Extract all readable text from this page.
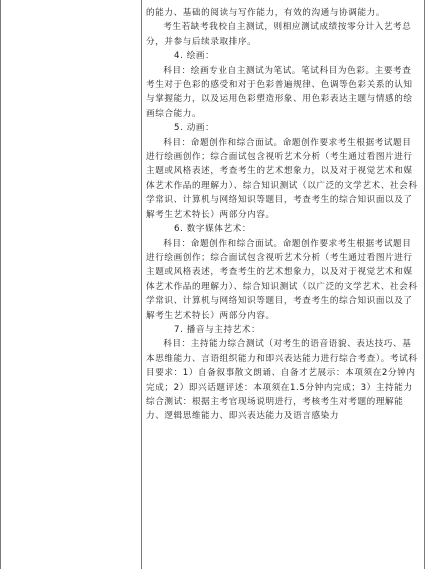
的能力、基础的阅读与写作能力，有效的沟通与协调能力。

考生若缺考我校自主测试，则相应测试成绩按零分计入艺考总分，并参与后续录取排序。

4. 绘画：

科目：绘画专业自主测试为笔试。笔试科目为色彩。主要考查考生对于色彩的感受和对于色彩普遍规律、色调等色彩关系的认知与掌握能力，以及运用色彩塑造形象、用色彩表达主题与情感的绘画综合能力。

5. 动画：

科目：命题创作和综合面试。命题创作要求考生根据考试题目进行绘画创作；综合面试包含视听艺术分析（考生通过看图片进行主题或风格表述，考查考生的艺术想象力，以及对于视觉艺术和媒体艺术作品的理解力）、综合知识测试（以广泛的文学艺术、社会科学常识、计算机与网络知识等题目，考查考生的综合知识面以及了解考生艺术特长）两部分内容。

6. 数字媒体艺术：

科目：命题创作和综合面试。命题创作要求考生根据考试题目进行绘画创作；综合面试包含视听艺术分析（考生通过看图片进行主题或风格表述，考查考生的艺术想象力，以及对于视觉艺术和媒体艺术作品的理解力）、综合知识测试（以广泛的文学艺术、社会科学常识、计算机与网络知识等题目，考查考生的综合知识面以及了解考生艺术特长）两部分内容。

7. 播音与主持艺术：

科目：主持能力综合测试（对考生的语音语貌、表达技巧、基本思维能力、言语组织能力和即兴表达能力进行综合考查）。考试科目要求：1）自备叙事散文朗诵、自备才艺展示：本项须在2分钟内完成；2）即兴话题评述：本项须在1.5分钟内完成；3）主持能力综合测试：根据主考官现场说明进行，考核考生对考题的理解能力、逻辑思维能力、即兴表达能力及语言感染力
